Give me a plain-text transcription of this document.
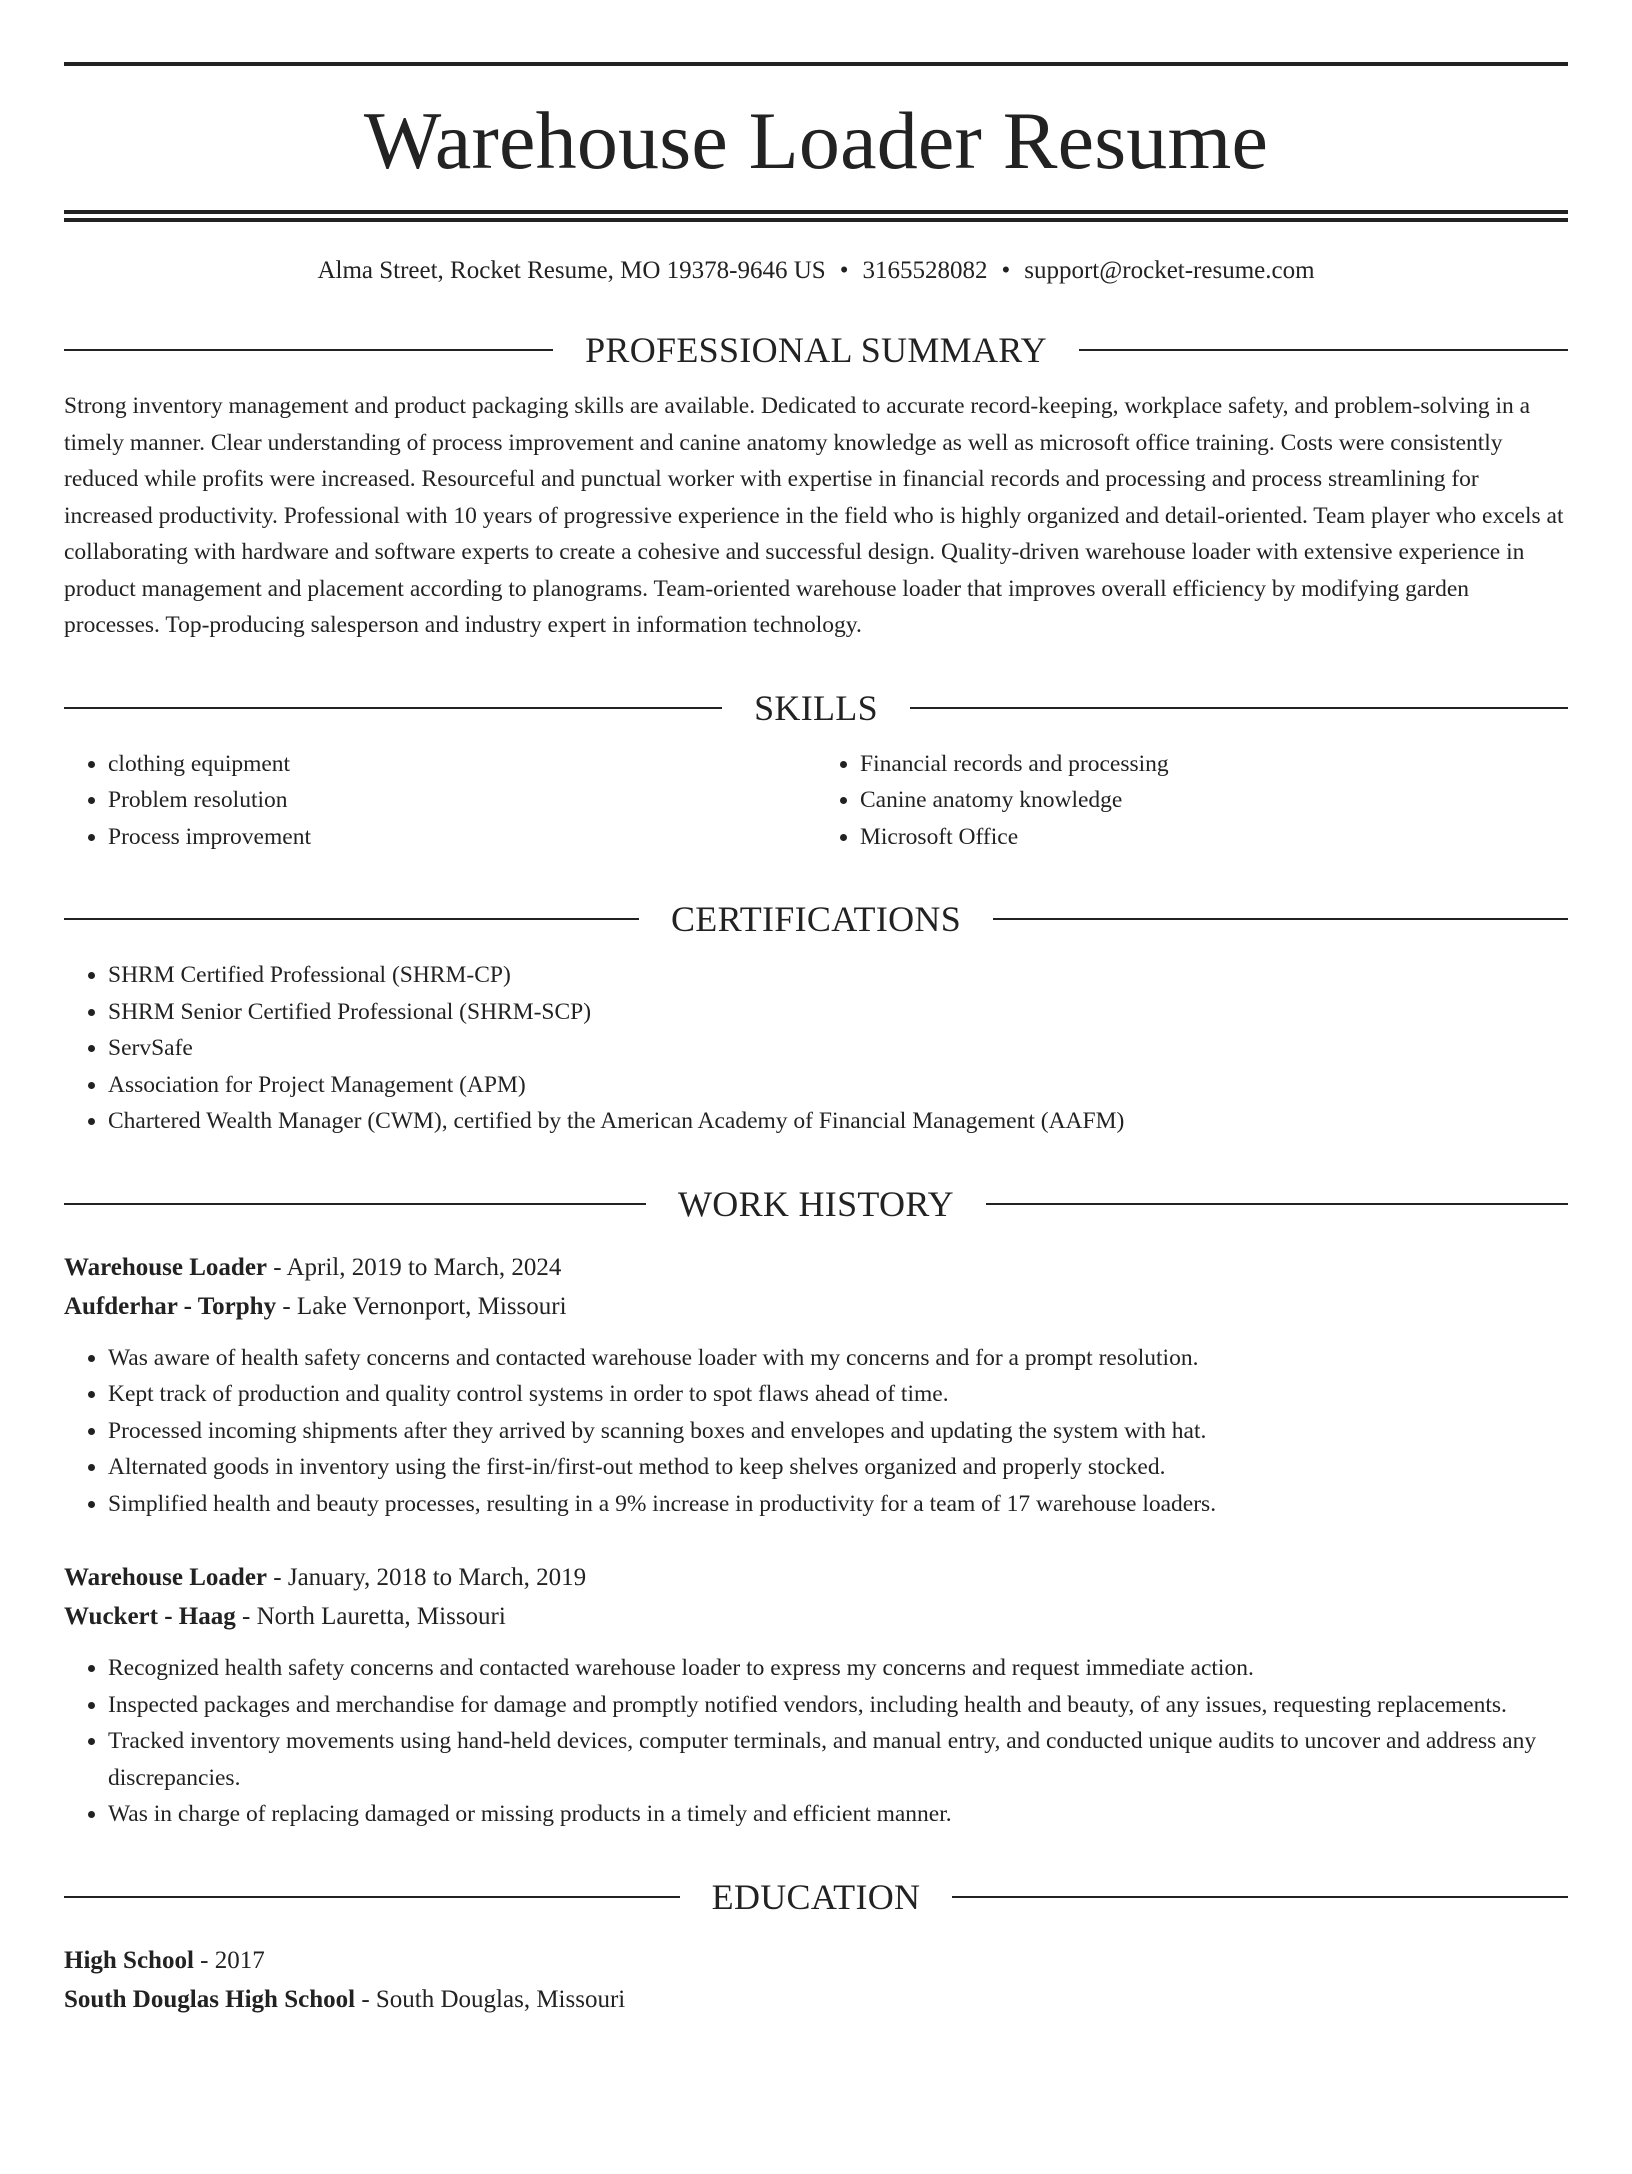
Warehouse Loader Resume
Alma Street, Rocket Resume, MO 19378-9646 US • 3165528082 • support@rocket-resume.com
PROFESSIONAL SUMMARY
Strong inventory management and product packaging skills are available. Dedicated to accurate record-keeping, workplace safety, and problem-solving in a timely manner. Clear understanding of process improvement and canine anatomy knowledge as well as microsoft office training. Costs were consistently reduced while profits were increased. Resourceful and punctual worker with expertise in financial records and processing and process streamlining for increased productivity. Professional with 10 years of progressive experience in the field who is highly organized and detail-oriented. Team player who excels at collaborating with hardware and software experts to create a cohesive and successful design. Quality-driven warehouse loader with extensive experience in product management and placement according to planograms. Team-oriented warehouse loader that improves overall efficiency by modifying garden processes. Top-producing salesperson and industry expert in information technology.
SKILLS
• clothing equipment
• Problem resolution
• Process improvement
• Financial records and processing
• Canine anatomy knowledge
• Microsoft Office
CERTIFICATIONS
• SHRM Certified Professional (SHRM-CP)
• SHRM Senior Certified Professional (SHRM-SCP)
• ServSafe
• Association for Project Management (APM)
• Chartered Wealth Manager (CWM), certified by the American Academy of Financial Management (AAFM)
WORK HISTORY
Warehouse Loader - April, 2019 to March, 2024
Aufderhar - Torphy - Lake Vernonport, Missouri
• Was aware of health safety concerns and contacted warehouse loader with my concerns and for a prompt resolution.
• Kept track of production and quality control systems in order to spot flaws ahead of time.
• Processed incoming shipments after they arrived by scanning boxes and envelopes and updating the system with hat.
• Alternated goods in inventory using the first-in/first-out method to keep shelves organized and properly stocked.
• Simplified health and beauty processes, resulting in a 9% increase in productivity for a team of 17 warehouse loaders.
Warehouse Loader - January, 2018 to March, 2019
Wuckert - Haag - North Lauretta, Missouri
• Recognized health safety concerns and contacted warehouse loader to express my concerns and request immediate action.
• Inspected packages and merchandise for damage and promptly notified vendors, including health and beauty, of any issues, requesting replacements.
• Tracked inventory movements using hand-held devices, computer terminals, and manual entry, and conducted unique audits to uncover and address any discrepancies.
• Was in charge of replacing damaged or missing products in a timely and efficient manner.
EDUCATION
High School - 2017
South Douglas High School - South Douglas, Missouri
